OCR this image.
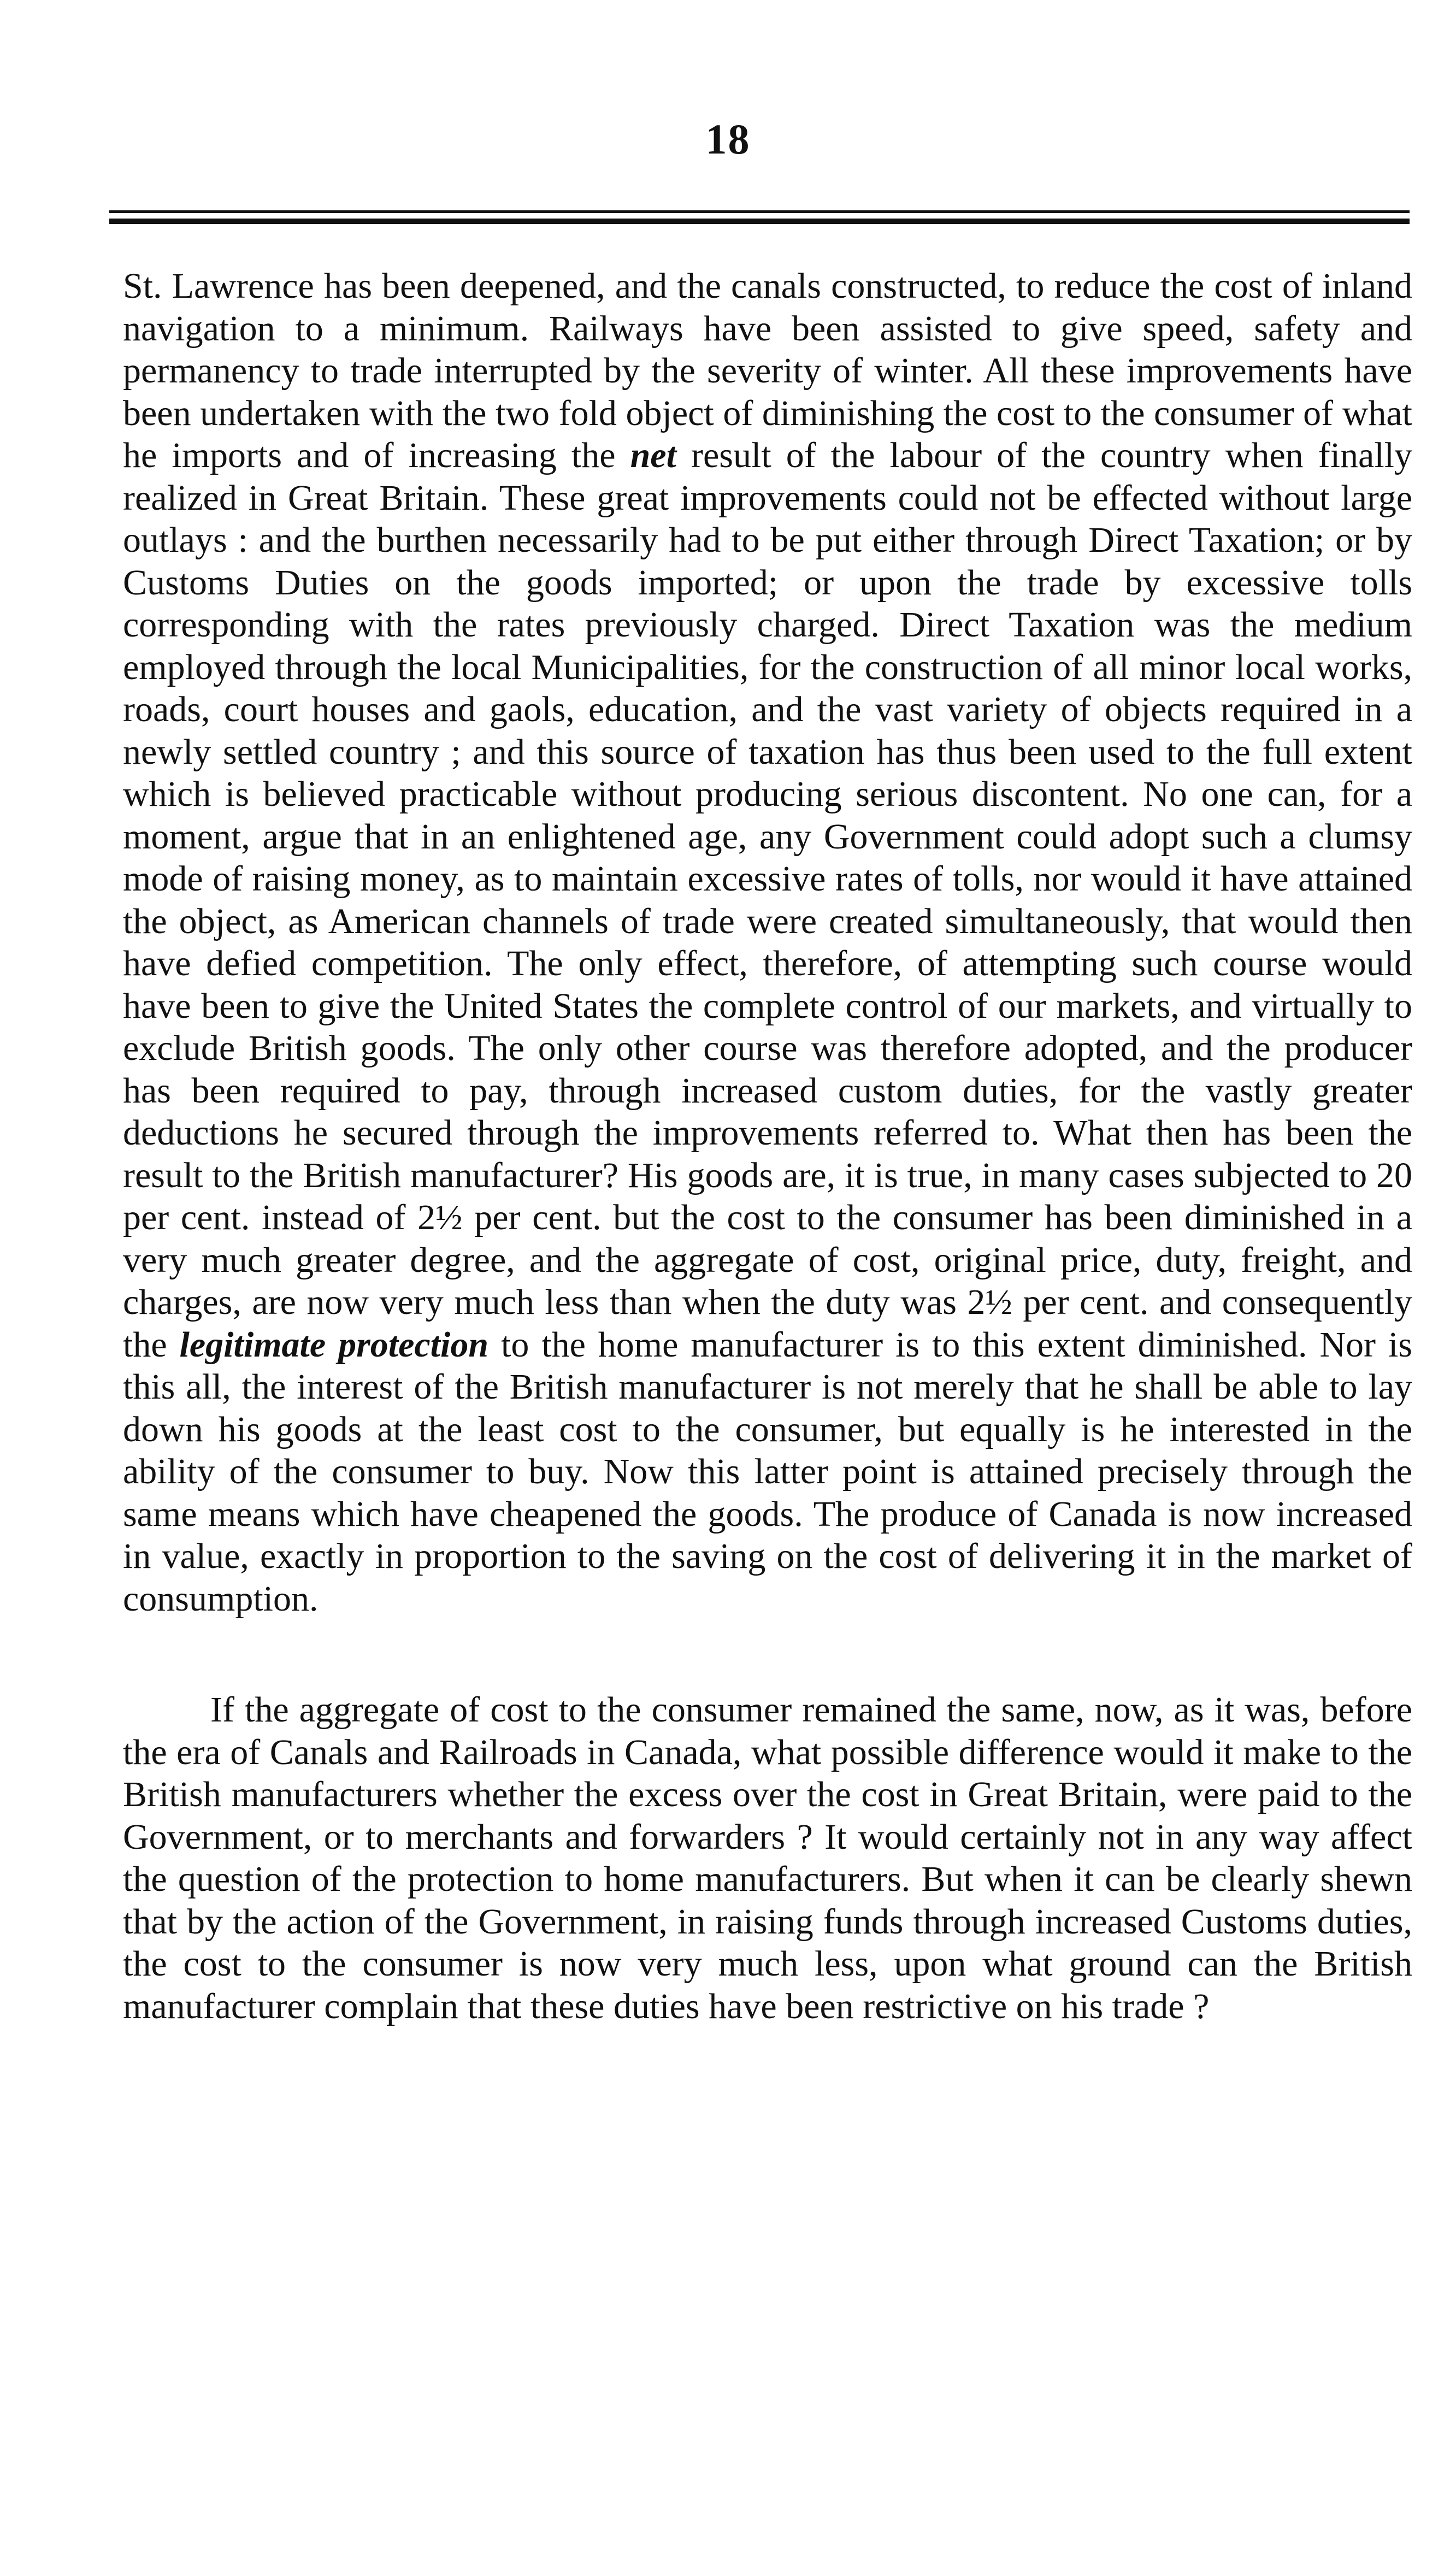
18

St. Lawrence has been deepened, and the canals constructed, to reduce the cost of inland navigation to a minimum. Railways have been assisted to give speed, safety and permanency to trade interrupted by the severity of winter. All these improvements have been undertaken with the two fold object of diminishing the cost to the consumer of what he imports and of increasing the net result of the labour of the country when finally realized in Great Britain. These great improvements could not be effected without large outlays : and the burthen necessarily had to be put either through Direct Taxation; or by Customs Duties on the goods imported; or upon the trade by excessive tolls corresponding with the rates previously charged. Direct Taxation was the medium employed through the local Municipalities, for the construction of all minor local works, roads, court houses and gaols, education, and the vast variety of objects required in a newly settled country ; and this source of taxation has thus been used to the full extent which is believed practicable without producing serious discontent. No one can, for a moment, argue that in an enlightened age, any Government could adopt such a clumsy mode of raising money, as to maintain excessive rates of tolls, nor would it have attained the object, as American channels of trade were created simultaneously, that would then have defied competition. The only effect, therefore, of attempting such course would have been to give the United States the complete control of our markets, and virtually to exclude British goods. The only other course was therefore adopted, and the producer has been required to pay, through increased custom duties, for the vastly greater deductions he secured through the improvements referred to. What then has been the result to the British manufacturer? His goods are, it is true, in many cases subjected to 20 per cent. instead of 2½ per cent. but the cost to the consumer has been diminished in a very much greater degree, and the aggregate of cost, original price, duty, freight, and charges, are now very much less than when the duty was 2½ per cent. and consequently the legitimate protection to the home manufacturer is to this extent diminished. Nor is this all, the interest of the British manufacturer is not merely that he shall be able to lay down his goods at the least cost to the consumer, but equally is he interested in the ability of the consumer to buy. Now this latter point is attained precisely through the same means which have cheapened the goods. The produce of Canada is now increased in value, exactly in proportion to the saving on the cost of delivering it in the market of consumption.

If the aggregate of cost to the consumer remained the same, now, as it was, before the era of Canals and Railroads in Canada, what possible difference would it make to the British manufacturers whether the excess over the cost in Great Britain, were paid to the Government, or to merchants and forwarders ? It would certainly not in any way affect the question of the protection to home manufacturers. But when it can be clearly shewn that by the action of the Government, in raising funds through increased Customs duties, the cost to the consumer is now very much less, upon what ground can the British manufacturer complain that these duties have been restrictive on his trade ?
